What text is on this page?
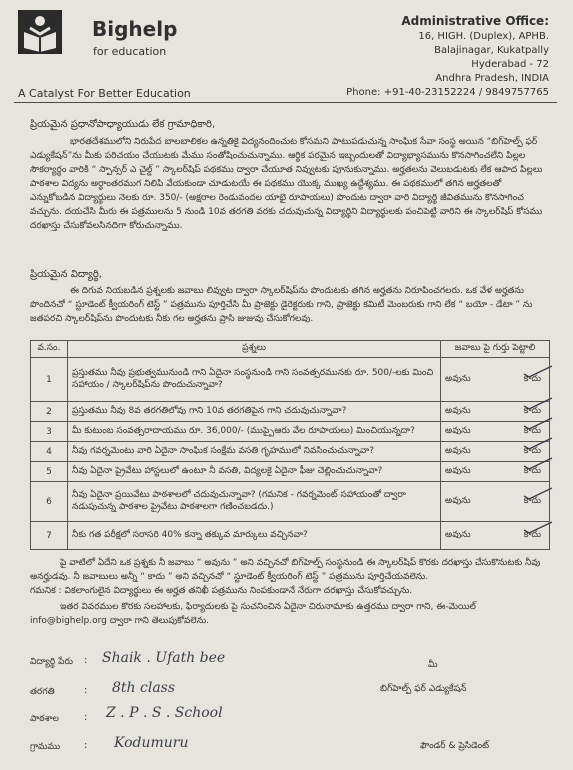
Bighelp
for education
A Catalyst For Better Education
Administrative Office:
16, HIGH. (Duplex), APHB.
Balajinagar, Kukatpally
Hyderabad - 72
Andhra Pradesh, INDIA
Phone: +91-40-23152224 / 9849757765
ప్రియమైన ప్రధానోపాధ్యాయుడు లేక గ్రామాధికారి,
భారతదేశములోని నిరుపేద బాలబాలికల ఉన్నతికై విద్యనందించుట కోసమని పాటుపడుచున్న సాంఘిక సేవా సంస్థ అయిన “బిగ్‌హెల్ప్ ఫర్ ఎడ్యుకేషన్”ను మీకు పరిచయం చేయుటకు మేము సంతోషించుచున్నాము. ఆర్థిక పరమైన ఇబ్బందులతో విద్యాభ్యాసమును కొనసాగించలేని పిల్లల సౌకర్యార్థం వారికి “ స్పాన్సర్ ఎ చైల్డ్ ” స్కాలర్‌షిప్ పథకము ద్వారా చేయూత నివ్వుటకు పూనుకున్నాము. అర్హతలను వెలుబడుటకు లేక ఆపాద పిల్లలు పాఠశాల విద్యను అర్ధాంతరముగ నిలిపి వేయకుండా చూడుటయే ఈ పథకము యొక్క ముఖ్య ఉద్దేశ్యము. ఈ పథకములో తగిన అర్హతలతో ఎన్నుకోబడిన విద్యార్థులు నెలకు రూ. 350/- (అక్షరాల రెండువందల యాభై రూపాయలు) పొందుట ద్వారా వారి విద్యార్థి జీవితమును కొనసాగించ వచ్చును. దయచేసి మీరు ఈ పత్రములను 5 నుండి 10వ తరగతి వరకు చదువుచున్న విద్యార్థిని విద్యార్థులకు పంచిపెట్టి వారిని ఈ స్కాలర్‌షిప్ కోసము దరఖాస్తు చేసుకోవలసినదిగా కోరుచున్నాము.
ప్రియమైన విద్యార్థి,
ఈ దిగువ నియబడిన ప్రశ్నలకు జవాబు లివ్వుట ద్వారా స్కాలర్‌షిప్‌ను పొందుటకు తగిన అర్హతను నిరూపించగలరు. ఒక వేళ అర్హతను పొందినచో “ స్టూడెంట్ క్వీయరింగ్ టెస్ట్ ” పత్రమును పూర్తిచేసి మీ ప్రాజెక్టు డైరెక్టరుకు గాని, ప్రాజెక్టు కమిటీ మెంబరుకు గాని లేక “ బయో - డేటా ” ను జతపరచి స్కాలర్‌షిప్‌ను పొందుటకు నీకు గల అర్హతను ప్రాసి జుజువు చేసుకోగలవు.
వ.సం.	ప్రశ్నలు	జవాబు పై గుర్తు పెట్టాలి
1	ప్రస్తుతము నీవు ప్రభుత్వమునుండి గాని ఏదైనా సంస్థనుండి గాని సంవత్సరమునకు రూ. 500/-లకు మించి సహాయం / స్కాలర్‌షిప్‌ను పొందుచున్నావా?	అవును కాదు

2	ప్రస్తుతము నీవు 8వ తరగతిలోవు గాని 10వ తరగతిపైన గాని చదువుచున్నావా?	అవును కాదు

3	మీ కుటుంబ సంవత్సరాదాయము రూ. 36,000/- (ముప్పైఆరు వేల రూపాయలు) మించియున్నదా?	అవును కాదు

4	నీవు గవర్నమెంటు వారి ఏదైనా సాంఘిక సంక్షేమ వసతి గృహములో నివసించుచున్నావా?	అవును కాదు

5	నీవు ఏదైనా ప్రైవేటు హాస్టలులో ఉంటూ నీ వసతి, విద్యలకై ఏదైనా ఫీజు చెల్లించుచున్నావా?	అవును కాదు

6	నీవు ఏదైనా ప్రయివేటు పాఠశాలలో చదువుచున్నావా? (గమనిక - గవర్నమెంట్ సహాయంతో ద్వారా నడుపుచున్న పాఠశాల ప్రైవేటు పాఠశాలగా గణించబడదు.)	అవును కాదు

7	నీకు గత పరీక్షలో సరాసరి 40% కన్నా తక్కువ మార్కులు వచ్చినవా?	అవును కాదు
పై వాటిలో ఏదేని ఒక ప్రశ్నకు నీ జవాబు “ అవును ” అని వచ్చినచో బిగ్‌హెల్ప్ సంస్థనుండి ఈ స్కాలర్‌షిప్ కొరకు దరఖాస్తు చేసుకొనుటకు నీవు అనర్హుడవు. నీ జవాబులు అన్నీ “ కాదు ” అని వచ్చినచో “ స్టూడెంట్ క్వీయరింగ్ టెస్ట్ ” పత్రమును పూర్తిచేయవలెను.
గమనిక : వికలాంగులైన విద్యార్థులు ఈ అర్హత తనిఖీ పత్రమును నింపకుండానే నేరుగా దరఖాస్తు చేసుకోవచ్చును.
ఇతర వివరముల కొరకు సలహాలకు, ఫిర్యాదులకు పై సుచనించిన ఏదైనా చిరునామాకు ఉత్తరము ద్వారా గాని, ఈ-మెయిల్ info@bighelp.org ద్వారా గాని తెలుపుకోవలెను.
విద్యార్థి పేరు : Shaik . Ufath bee
తరగతి	: 8th class
పాఠశాల	: Z . P . S . School
గ్రామము : Kodumuru
మీ
బిగ్‌హెల్ప్ ఫర్ ఎడ్యుకేషన్
ఫౌండర్ & ప్రెసిడెంట్
